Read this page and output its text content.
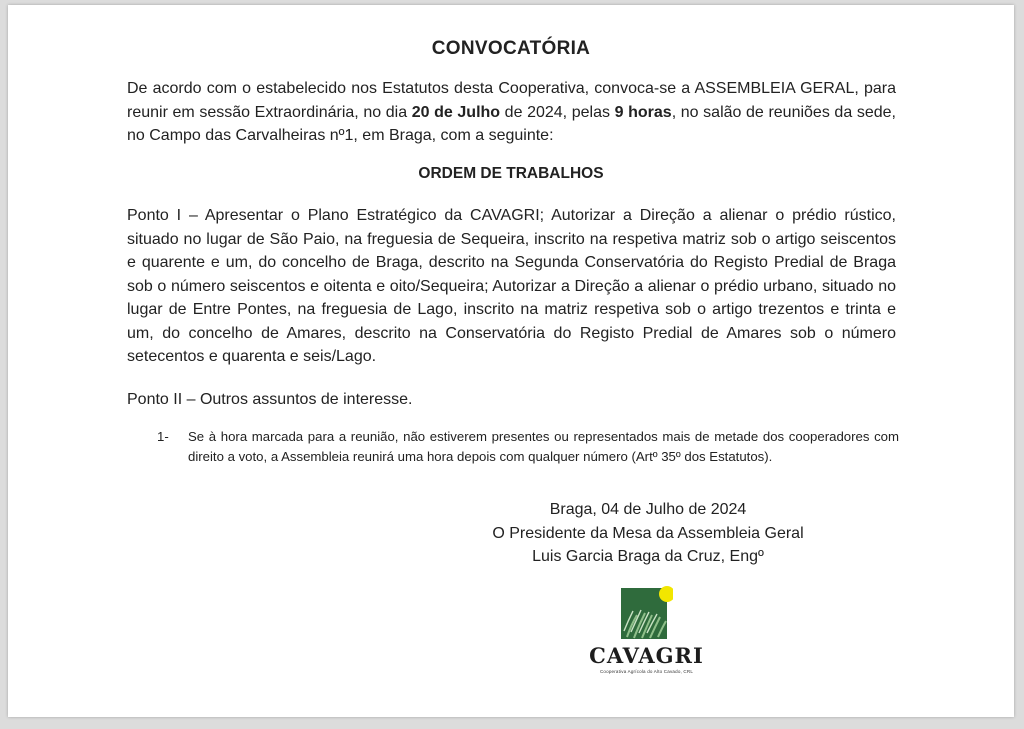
CONVOCATÓRIA
De acordo com o estabelecido nos Estatutos desta Cooperativa, convoca-se a ASSEMBLEIA GERAL, para reunir em sessão Extraordinária, no dia 20 de Julho de 2024, pelas 9 horas, no salão de reuniões da sede, no Campo das Carvalheiras nº1, em Braga, com a seguinte:
ORDEM DE TRABALHOS
Ponto I – Apresentar o Plano Estratégico da CAVAGRI; Autorizar a Direção a alienar o prédio rústico, situado no lugar de São Paio, na freguesia de Sequeira, inscrito na respetiva matriz sob o artigo seiscentos e quarente e um, do concelho de Braga, descrito na Segunda Conservatória do Registo Predial de Braga sob o número seiscentos e oitenta e oito/Sequeira; Autorizar a Direção a alienar o prédio urbano, situado no lugar de Entre Pontes, na freguesia de Lago, inscrito na matriz respetiva sob o artigo trezentos e trinta e um, do concelho de Amares, descrito na Conservatória do Registo Predial de Amares sob o número setecentos e quarenta e seis/Lago.
Ponto II – Outros assuntos de interesse.
1- Se à hora marcada para a reunião, não estiverem presentes ou representados mais de metade dos cooperadores com direito a voto, a Assembleia reunirá uma hora depois com qualquer número (Artº 35º dos Estatutos).
Braga, 04 de Julho de 2024
O Presidente da Mesa da Assembleia Geral
Luis Garcia Braga da Cruz, Engº
CAVAGRI
Cooperativa Agrícola do Alto Cavado, CRL
